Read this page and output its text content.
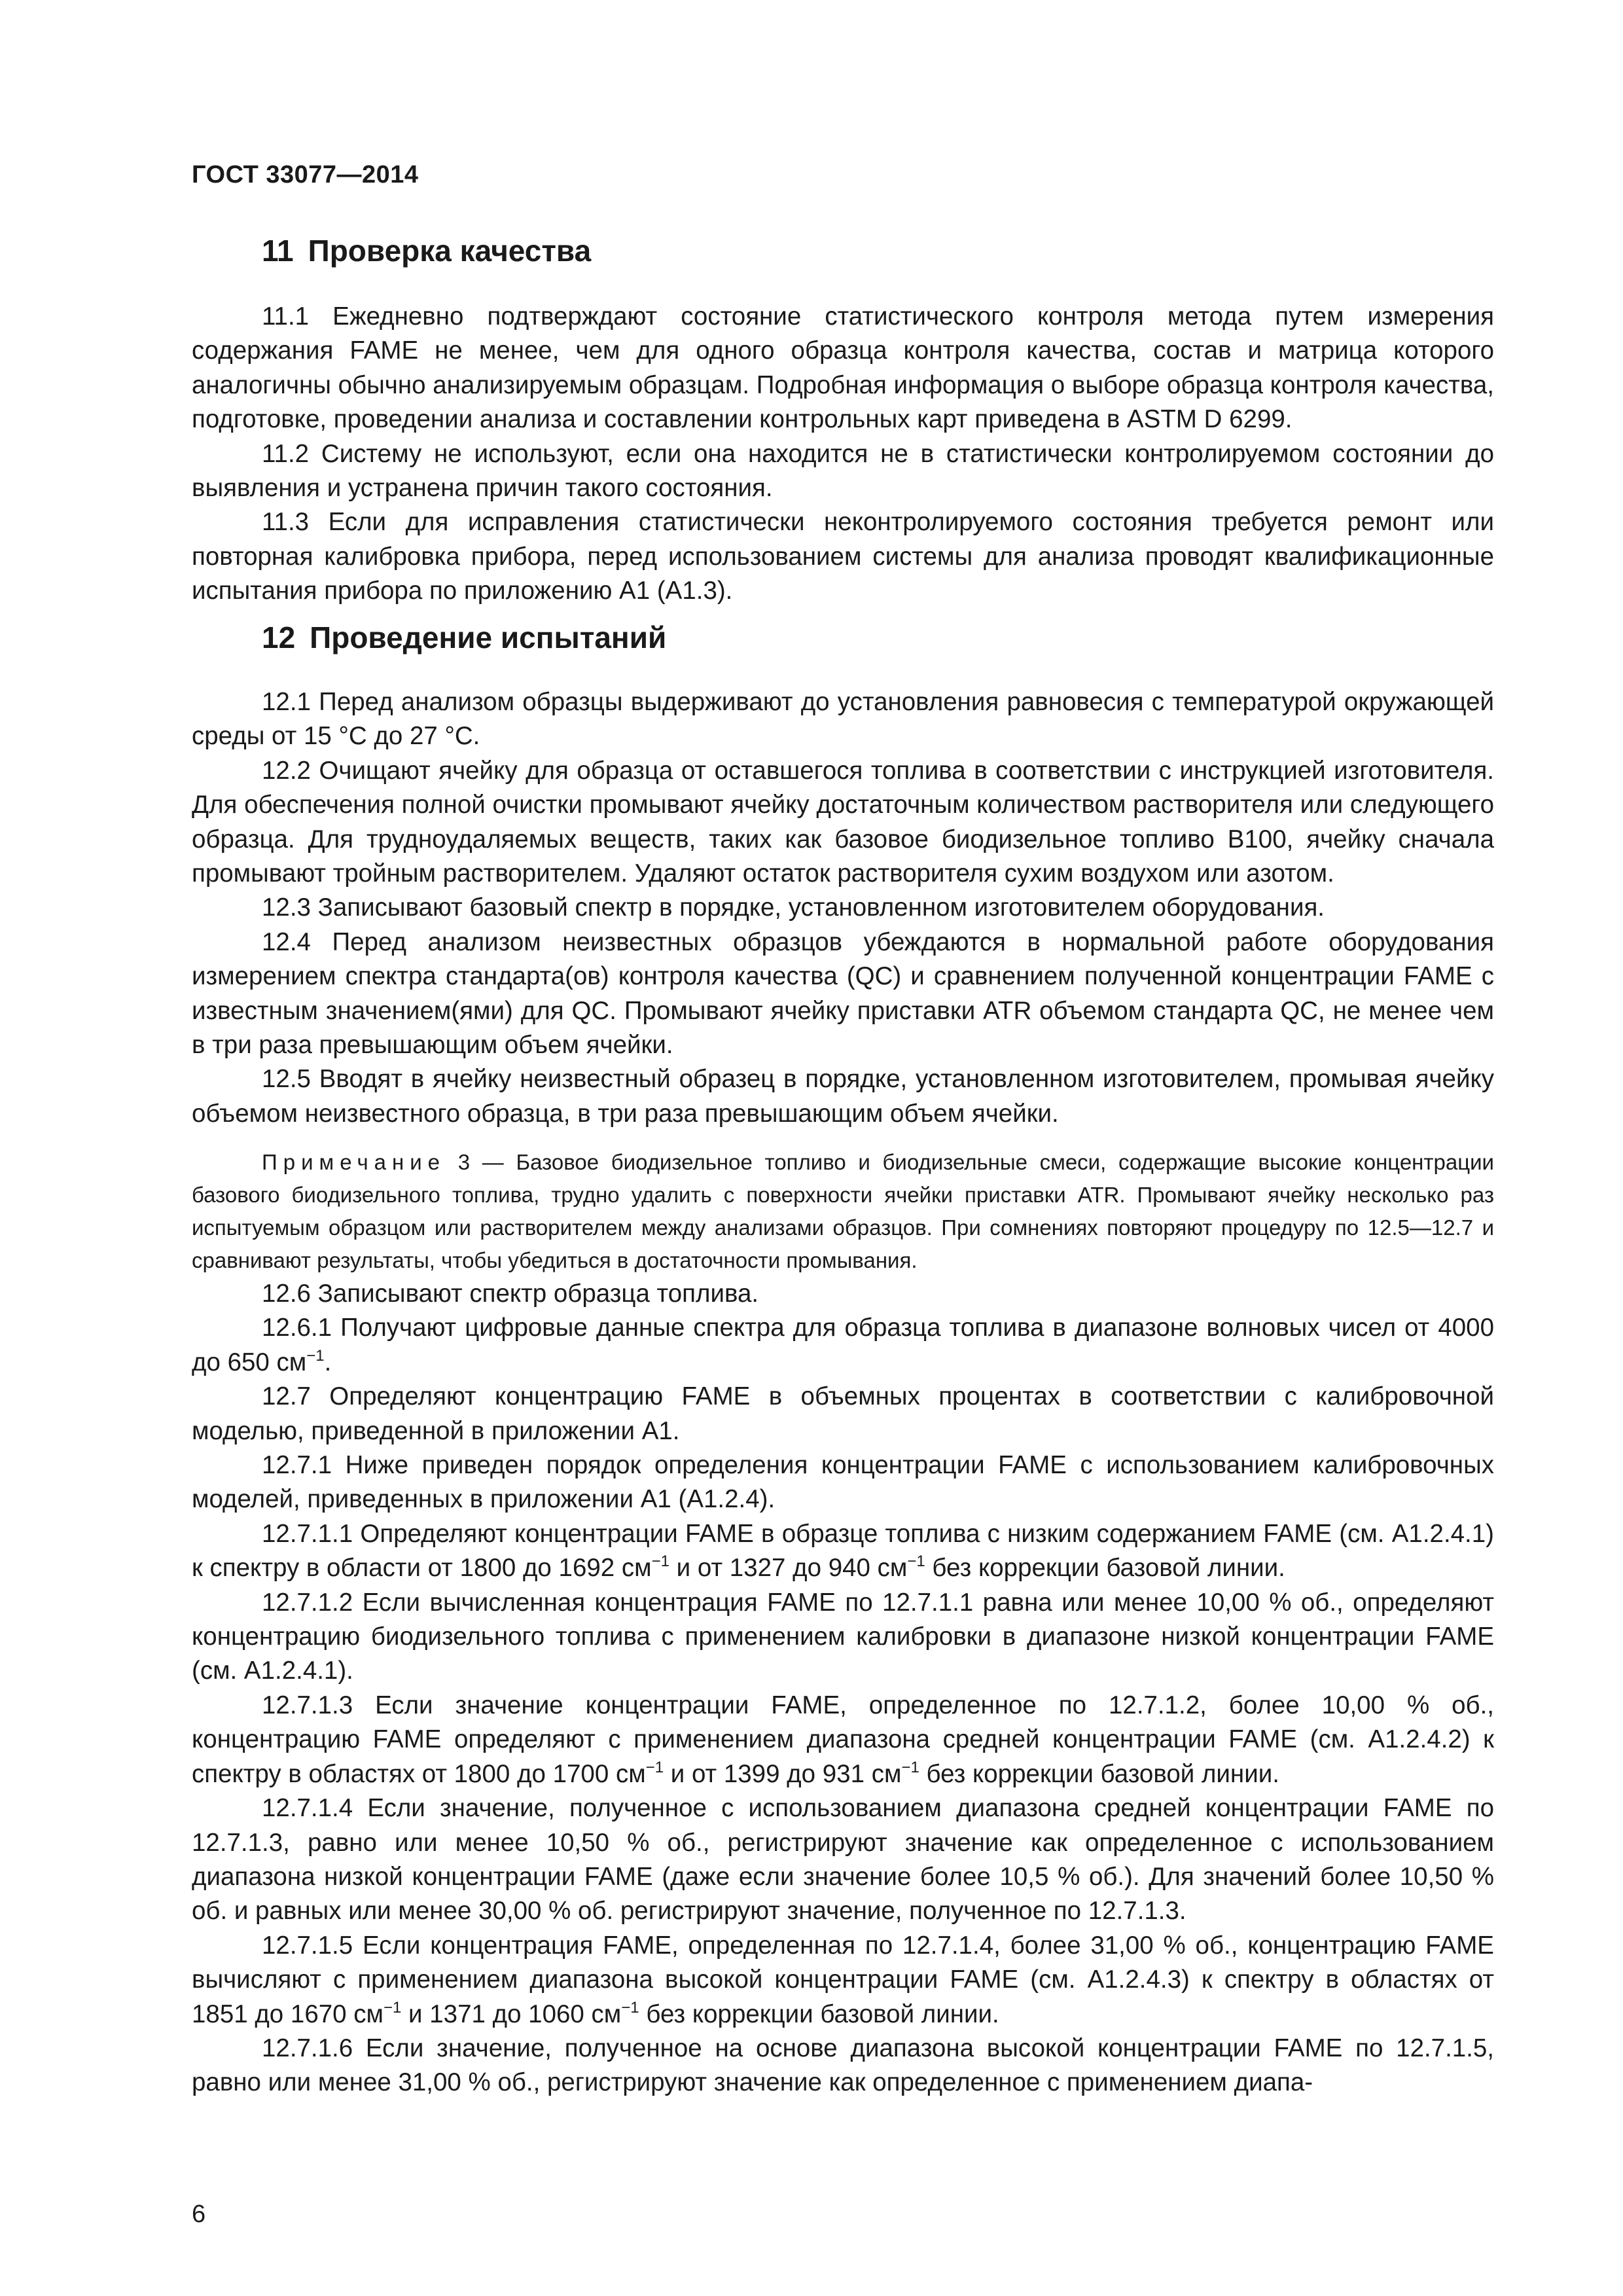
ГОСТ 33077—2014
11 Проверка качества

11.1 Ежедневно подтверждают состояние статистического контроля метода путем измерения содержания FAME не менее, чем для одного образца контроля качества, состав и матрица которого аналогичны обычно анализируемым образцам. Подробная информация о выборе образца контроля качества, подготовке, проведении анализа и составлении контрольных карт приведена в ASTM D 6299.

11.2 Систему не используют, если она находится не в статистически контролируемом состоянии до выявления и устранена причин такого состояния.

11.3 Если для исправления статистически неконтролируемого состояния требуется ремонт или повторная калибровка прибора, перед использованием системы для анализа проводят квалификационные испытания прибора по приложению А1 (А1.3).

12 Проведение испытаний

12.1 Перед анализом образцы выдерживают до установления равновесия с температурой окружающей среды от 15 °С до 27 °С.

12.2 Очищают ячейку для образца от оставшегося топлива в соответствии с инструкцией изготовителя. Для обеспечения полной очистки промывают ячейку достаточным количеством растворителя или следующего образца. Для трудноудаляемых веществ, таких как базовое биодизельное топливо В100, ячейку сначала промывают тройным растворителем. Удаляют остаток растворителя сухим воздухом или азотом.

12.3 Записывают базовый спектр в порядке, установленном изготовителем оборудования.

12.4 Перед анализом неизвестных образцов убеждаются в нормальной работе оборудования измерением спектра стандарта(ов) контроля качества (QC) и сравнением полученной концентрации FAME с известным значением(ями) для QC. Промывают ячейку приставки ATR объемом стандарта QC, не менее чем в три раза превышающим объем ячейки.

12.5 Вводят в ячейку неизвестный образец в порядке, установленном изготовителем, промывая ячейку объемом неизвестного образца, в три раза превышающим объем ячейки.

Примечание 3 — Базовое биодизельное топливо и биодизельные смеси, содержащие высокие концентрации базового биодизельного топлива, трудно удалить с поверхности ячейки приставки ATR. Промывают ячейку несколько раз испытуемым образцом или растворителем между анализами образцов. При сомнениях повторяют процедуру по 12.5—12.7 и сравнивают результаты, чтобы убедиться в достаточности промывания.

12.6 Записывают спектр образца топлива.

12.6.1 Получают цифровые данные спектра для образца топлива в диапазоне волновых чисел от 4000 до 650 $см^{-1}$.

12.7 Определяют концентрацию FAME в объемных процентах в соответствии с калибровочной моделью, приведенной в приложении А1.

12.7.1 Ниже приведен порядок определения концентрации FAME с использованием калибровочных моделей, приведенных в приложении А1 (А1.2.4).

12.7.1.1 Определяют концентрации FAME в образце топлива с низким содержанием FAME (см. А1.2.4.1) к спектру в области от 1800 до 1692 $см^{-1}$ и от 1327 до 940 $см^{-1}$ без коррекции базовой линии.

12.7.1.2 Если вычисленная концентрация FAME по 12.7.1.1 равна или менее 10,00 % об., определяют концентрацию биодизельного топлива с применением калибровки в диапазоне низкой концентрации FAME (см. А1.2.4.1).

12.7.1.3 Если значение концентрации FAME, определенное по 12.7.1.2, более 10,00 % об., концентрацию FAME определяют с применением диапазона средней концентрации FAME (см. А1.2.4.2) к спектру в областях от 1800 до 1700 $см^{-1}$ и от 1399 до 931 $см^{-1}$ без коррекции базовой линии.

12.7.1.4 Если значение, полученное с использованием диапазона средней концентрации FAME по 12.7.1.3, равно или менее 10,50 % об., регистрируют значение как определенное с использованием диапазона низкой концентрации FAME (даже если значение более 10,5 % об.). Для значений более 10,50 % об. и равных или менее 30,00 % об. регистрируют значение, полученное по 12.7.1.3.

12.7.1.5 Если концентрация FAME, определенная по 12.7.1.4, более 31,00 % об., концентрацию FAME вычисляют с применением диапазона высокой концентрации FAME (см. А1.2.4.3) к спектру в областях от 1851 до 1670 $см^{-1}$ и 1371 до 1060 $см^{-1}$ без коррекции базовой линии.

12.7.1.6 Если значение, полученное на основе диапазона высокой концентрации FAME по 12.7.1.5, равно или менее 31,00 % об., регистрируют значение как определенное с применением диапа-

6
